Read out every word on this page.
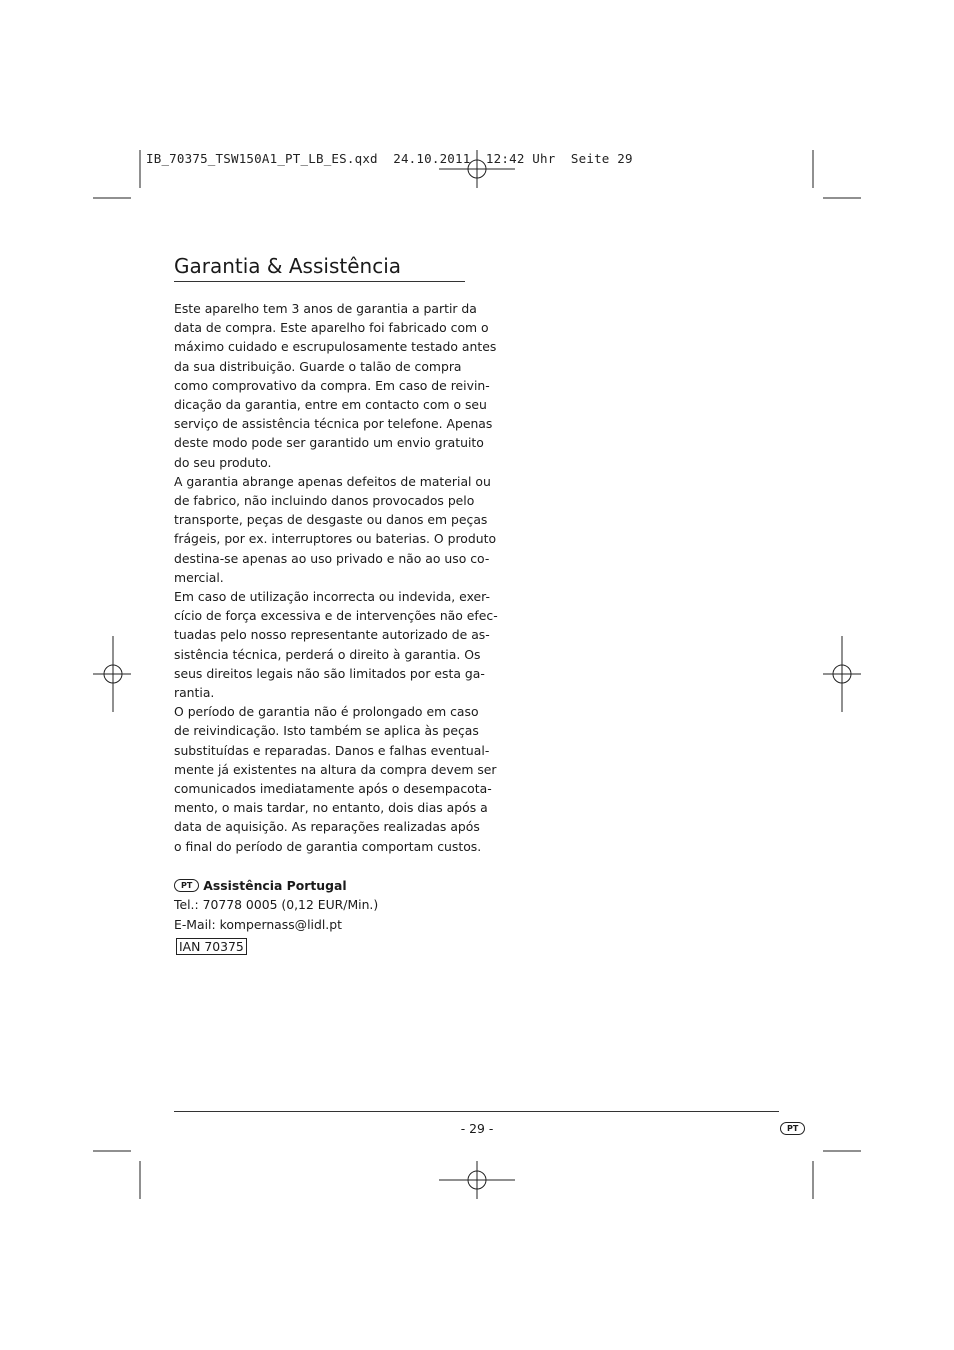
IB_70375_TSW150A1_PT_LB_ES.qxd  24.10.2011  12:42 Uhr  Seite 29
Garantia & Assistência
Este aparelho tem 3 anos de garantia a partir da
data de compra. Este aparelho foi fabricado com o
máximo cuidado e escrupulosamente testado antes
da sua distribuição. Guarde o talão de compra
como comprovativo da compra. Em caso de reivin-
dicação da garantia, entre em contacto com o seu
serviço de assistência técnica por telefone. Apenas
deste modo pode ser garantido um envio gratuito
do seu produto.
A garantia abrange apenas defeitos de material ou
de fabrico, não incluindo danos provocados pelo
transporte, peças de desgaste ou danos em peças
frágeis, por ex. interruptores ou baterias. O produto
destina-se apenas ao uso privado e não ao uso co-
mercial.
Em caso de utilização incorrecta ou indevida, exer-
cício de força excessiva e de intervenções não efec-
tuadas pelo nosso representante autorizado de as-
sistência técnica, perderá o direito à garantia. Os
seus direitos legais não são limitados por esta ga-
rantia.
O período de garantia não é prolongado em caso
de reivindicação. Isto também se aplica às peças
substituídas e reparadas. Danos e falhas eventual-
mente já existentes na altura da compra devem ser
comunicados imediatamente após o desempacota-
mento, o mais tardar, no entanto, dois dias após a
data de aquisição. As reparações realizadas após
o final do período de garantia comportam custos.
PT Assistência Portugal
Tel.: 70778 0005 (0,12 EUR/Min.)
E-Mail: kompernass@lidl.pt
IAN 70375
- 29 -	PT
